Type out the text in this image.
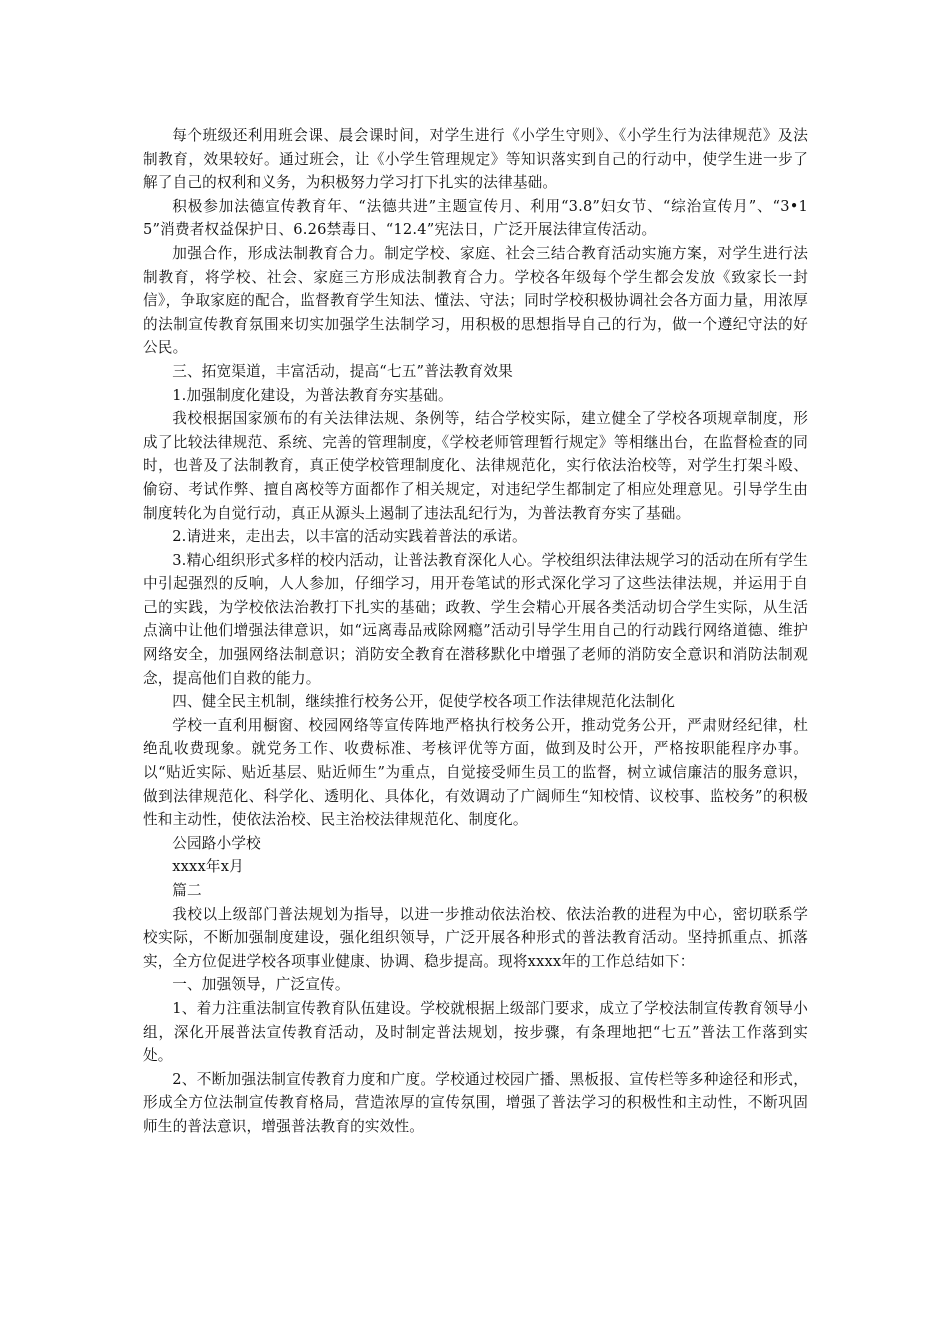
每个班级还利用班会课、晨会课时间，对学生进行《小学生守则》、《小学生行为法律规范》及法制教育，效果较好。通过班会，让《小学生管理规定》等知识落实到自己的行动中，使学生进一步了解了自己的权利和义务，为积极努力学习打下扎实的法律基础。

积极参加法德宣传教育年、“法德共进”主题宣传月、利用“3.8”妇女节、“综治宣传月”、“3•15”消费者权益保护日、6.26禁毒日、“12.4”宪法日，广泛开展法律宣传活动。

加强合作，形成法制教育合力。制定学校、家庭、社会三结合教育活动实施方案，对学生进行法制教育，将学校、社会、家庭三方形成法制教育合力。学校各年级每个学生都会发放《致家长一封信》，争取家庭的配合，监督教育学生知法、懂法、守法；同时学校积极协调社会各方面力量，用浓厚的法制宣传教育氛围来切实加强学生法制学习，用积极的思想指导自己的行为，做一个遵纪守法的好公民。

三、拓宽渠道，丰富活动，提高“七五”普法教育效果

1.加强制度化建设，为普法教育夯实基础。

我校根据国家颁布的有关法律法规、条例等，结合学校实际，建立健全了学校各项规章制度，形成了比较法律规范、系统、完善的管理制度，《学校老师管理暂行规定》等相继出台，在监督检查的同时，也普及了法制教育，真正使学校管理制度化、法律规范化，实行依法治校等，对学生打架斗殴、偷窃、考试作弊、擅自离校等方面都作了相关规定，对违纪学生都制定了相应处理意见。引导学生由制度转化为自觉行动，真正从源头上遏制了违法乱纪行为，为普法教育夯实了基础。

2.请进来，走出去，以丰富的活动实践着普法的承诺。

3.精心组织形式多样的校内活动，让普法教育深化人心。学校组织法律法规学习的活动在所有学生中引起强烈的反响，人人参加，仔细学习，用开卷笔试的形式深化学习了这些法律法规，并运用于自己的实践，为学校依法治教打下扎实的基础；政教、学生会精心开展各类活动切合学生实际，从生活点滴中让他们增强法律意识，如“远离毒品戒除网瘾”活动引导学生用自己的行动践行网络道德、维护网络安全，加强网络法制意识；消防安全教育在潜移默化中增强了老师的消防安全意识和消防法制观念，提高他们自救的能力。

四、健全民主机制，继续推行校务公开，促使学校各项工作法律规范化法制化

学校一直利用橱窗、校园网络等宣传阵地严格执行校务公开，推动党务公开，严肃财经纪律，杜绝乱收费现象。就党务工作、收费标准、考核评优等方面，做到及时公开，严格按职能程序办事。以“贴近实际、贴近基层、贴近师生”为重点，自觉接受师生员工的监督，树立诚信廉洁的服务意识，做到法律规范化、科学化、透明化、具体化，有效调动了广阔师生“知校情、议校事、监校务”的积极性和主动性，使依法治校、民主治校法律规范化、制度化。

公园路小学校

xxxx年x月

篇二

我校以上级部门普法规划为指导，以进一步推动依法治校、依法治教的进程为中心，密切联系学校实际，不断加强制度建设，强化组织领导，广泛开展各种形式的普法教育活动。坚持抓重点、抓落实，全方位促进学校各项事业健康、协调、稳步提高。现将xxxx年的工作总结如下：

一、加强领导，广泛宣传。

1、着力注重法制宣传教育队伍建设。学校就根据上级部门要求，成立了学校法制宣传教育领导小组，深化开展普法宣传教育活动，及时制定普法规划，按步骤，有条理地把“七五”普法工作落到实处。

2、不断加强法制宣传教育力度和广度。学校通过校园广播、黑板报、宣传栏等多种途径和形式，形成全方位法制宣传教育格局，营造浓厚的宣传氛围，增强了普法学习的积极性和主动性，不断巩固师生的普法意识，增强普法教育的实效性。
